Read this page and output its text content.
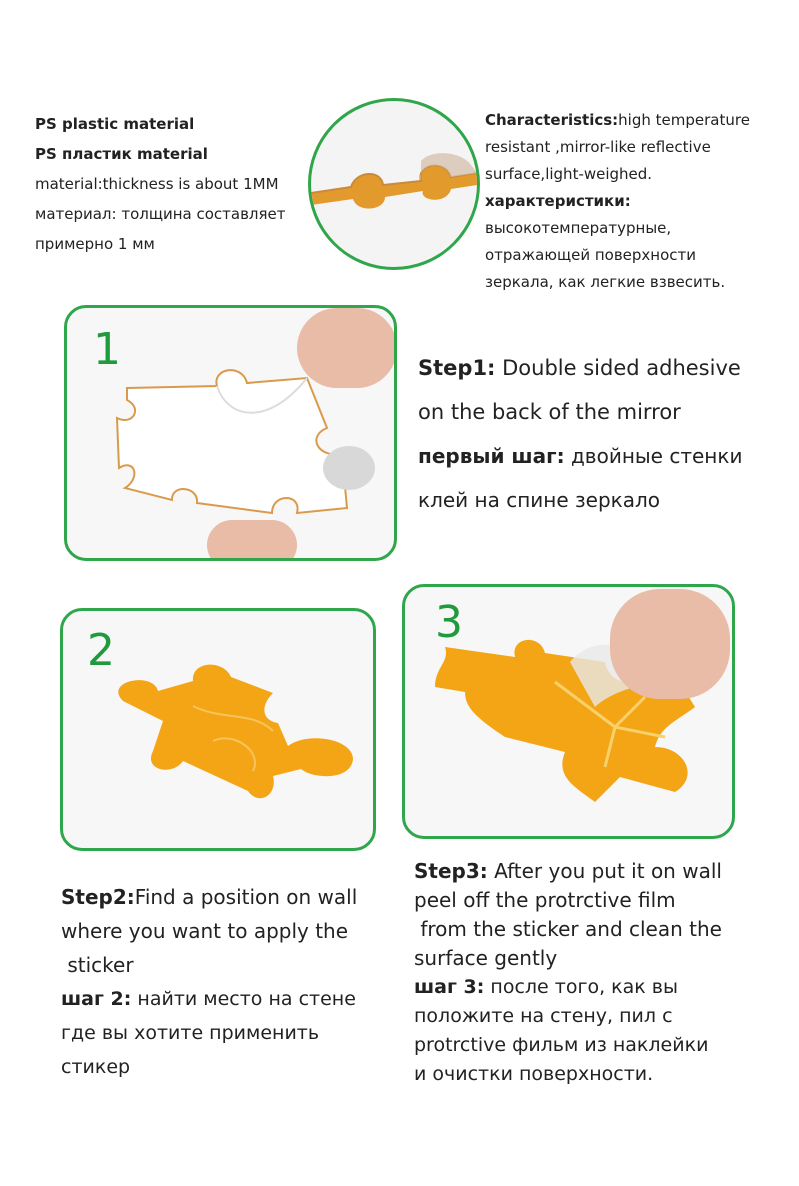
PS plastic material
PS пластик material
material:thickness is about 1MM
материал: толщина составляет
примерно 1 мм
Characteristics:high temperature
resistant ,mirror-like reflective
surface,light-weighed.
характеристики:
высокотемпературные,
отражающей поверхности
зеркала, как легкие взвесить.
1	Step1: Double sided adhesive
on the back of the mirror
первый шаг: двойные стенки
клей на спине зеркало
2
3
Step2:Find a position on wall
where you want to apply the
sticker
шаг 2: найти место на стене
где вы хотите применить
стикер
Step3: After you put it on wall
peel off the protrctive film
from the sticker and clean the
surface gently
шаг 3: после того, как вы
положите на стену, пил с
protrctive фильм из наклейки
и очистки поверхности.
